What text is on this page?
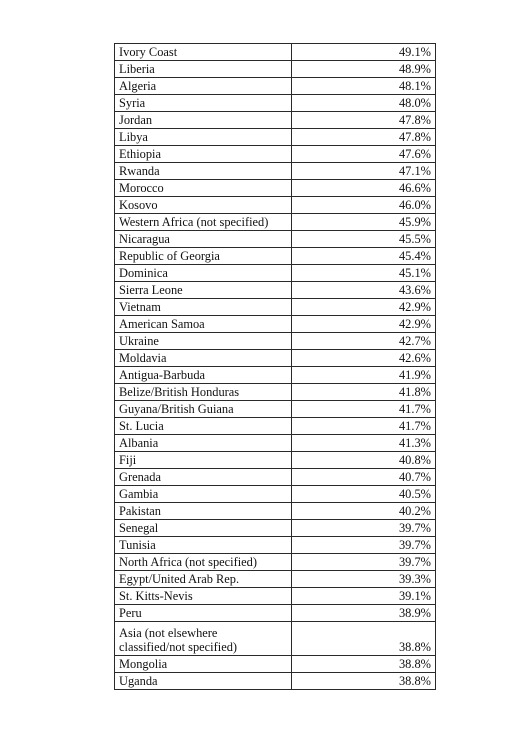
Ivory Coast	49.1%
Liberia	48.9%
Algeria	48.1%
Syria	48.0%
Jordan	47.8%
Libya	47.8%
Ethiopia	47.6%
Rwanda	47.1%
Morocco	46.6%
Kosovo	46.0%
Western Africa (not specified)	45.9%
Nicaragua	45.5%
Republic of Georgia	45.4%
Dominica	45.1%
Sierra Leone	43.6%
Vietnam	42.9%
American Samoa	42.9%
Ukraine	42.7%
Moldavia	42.6%
Antigua-Barbuda	41.9%
Belize/British Honduras	41.8%
Guyana/British Guiana	41.7%
St. Lucia	41.7%
Albania	41.3%
Fiji	40.8%
Grenada	40.7%
Gambia	40.5%
Pakistan	40.2%
Senegal	39.7%
Tunisia	39.7%
North Africa (not specified)	39.7%
Egypt/United Arab Rep.	39.3%
St. Kitts-Nevis	39.1%
Peru	38.9%
Asia (not elsewhere classified/not specified)	38.8%
Mongolia	38.8%
Uganda	38.8%
